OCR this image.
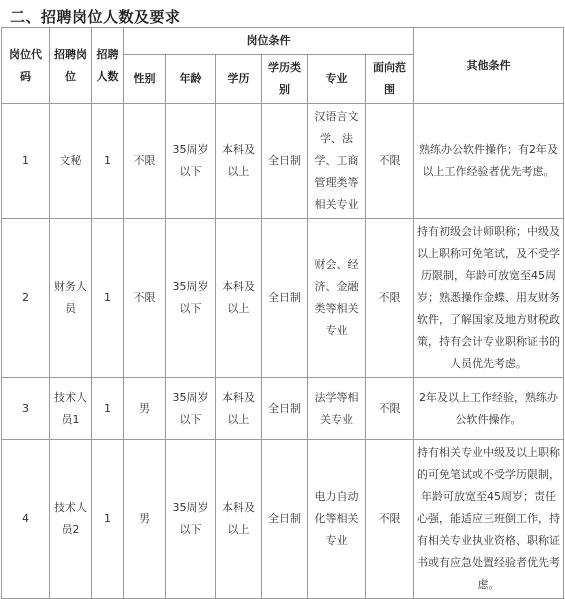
二、招聘岗位人数及要求
岗位代码	招聘岗位	招聘人数	岗位条件						其他条件
			性别	年龄	学历	学历类别	专业	面向范围	
1	文秘	1	不限	35周岁以下	本科及以上	全日制	汉语言文学、法学、工商管理类等相关专业	不限	熟练办公软件操作；有2年及以上工作经验者优先考虑。
2	财务人员	1	不限	35周岁以下	本科及以上	全日制	财会、经济、金融类等相关专业	不限	持有初级会计师职称；中级及以上职称可免笔试，及不受学历限制，年龄可放宽至45周岁；熟悉操作金蝶、用友财务软件，了解国家及地方财税政策，持有会计专业职称证书的人员优先考虑。
3	技术人员1	1	男	35周岁以下	本科及以上	全日制	法学等相关专业	不限	2年及以上工作经验，熟练办公软件操作。
4	技术人员2	1	男	35周岁以下	本科及以上	全日制	电力自动化等相关专业	不限	持有相关专业中级及以上职称的可免笔试或不受学历限制，年龄可放宽至45周岁；责任心强，能适应三班倒工作，持有相关专业执业资格、职称证书或有应急处置经验者优先考虑。
